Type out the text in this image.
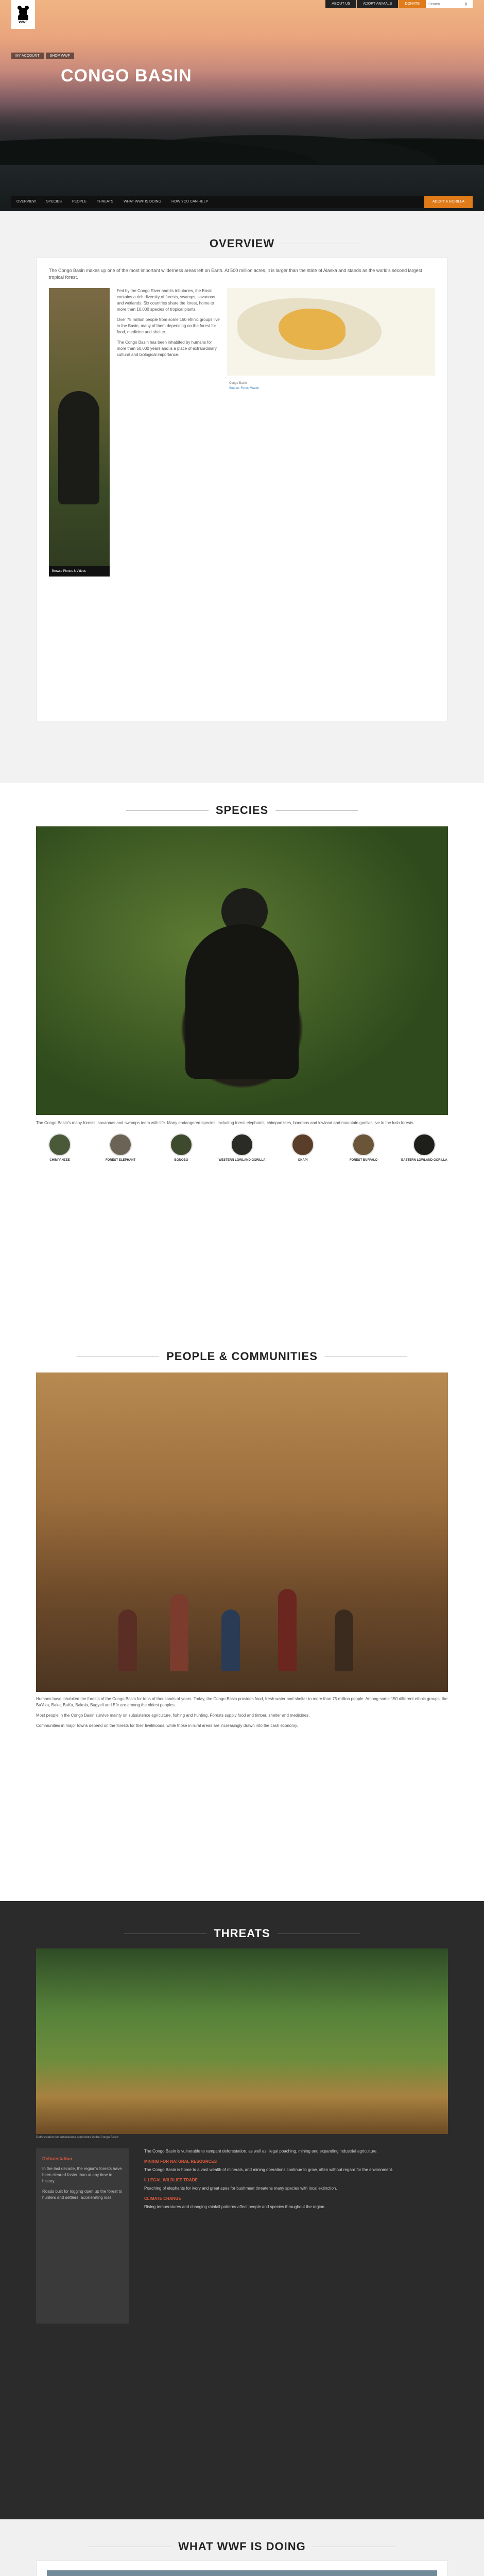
WWF
ABOUT US	ADOPT ANIMALS	DONATE
Search	⚲
MY ACCOUNT	SHOP WWF
CONGO BASIN
OVERVIEW	SPECIES	PEOPLE	THREATS	WHAT WWF IS DOING	HOW YOU CAN HELP	ADOPT A GORILLA
OVERVIEW

The Congo Basin makes up one of the most important wilderness areas left on Earth. At 500 million acres, it is larger than the state of Alaska and stands as the world's second largest tropical forest.

Browse Photos & Videos

Fed by the Congo River and its tributaries, the Basin contains a rich diversity of forests, swamps, savannas and wetlands. Six countries share the forest, home to more than 10,000 species of tropical plants.

Over 75 million people from some 150 ethnic groups live in the Basin, many of them depending on the forest for food, medicine and shelter.

The Congo Basin has been inhabited by humans for more than 50,000 years and is a place of extraordinary cultural and biological importance.

Congo Basin
Source: Forest Watch
SPECIES

The Congo Basin's many forests, savannas and swamps teem with life. Many endangered species, including forest elephants, chimpanzees, bonobos and lowland and mountain gorillas live in the lush forests.

CHIMPANZEE	FOREST ELEPHANT	BONOBO	WESTERN LOWLAND GORILLA	OKAPI	FOREST BUFFALO	EASTERN LOWLAND GORILLA
PEOPLE & COMMUNITIES

Humans have inhabited the forests of the Congo Basin for tens of thousands of years. Today, the Congo Basin provides food, fresh water and shelter to more than 75 million people. Among some 150 different ethnic groups, the Ba'Aka, Baka, BaKa, Bakola, Bagyeli and Efe are among the oldest peoples.

Most people in the Congo Basin survive mainly on subsistence agriculture, fishing and hunting. Forests supply food and timber, shelter and medicines.

Communities in major towns depend on the forests for their livelihoods, while those in rural areas are increasingly drawn into the cash economy.

THREATS

Deforestation for subsistence agriculture in the Congo Basin

Deforestation

In the last decade, the region's forests have been cleared faster than at any time in history.

Roads built for logging open up the forest to hunters and settlers, accelerating loss.

The Congo Basin is vulnerable to rampant deforestation, as well as illegal poaching, mining and expanding industrial agriculture.

MINING FOR NATURAL RESOURCES

The Congo Basin is home to a vast wealth of minerals, and mining operations continue to grow, often without regard for the environment.

ILLEGAL WILDLIFE TRADE

Poaching of elephants for ivory and great apes for bushmeat threatens many species with local extinction.

CLIMATE CHANGE

Rising temperatures and changing rainfall patterns affect people and species throughout the region.

WHAT WWF IS DOING
